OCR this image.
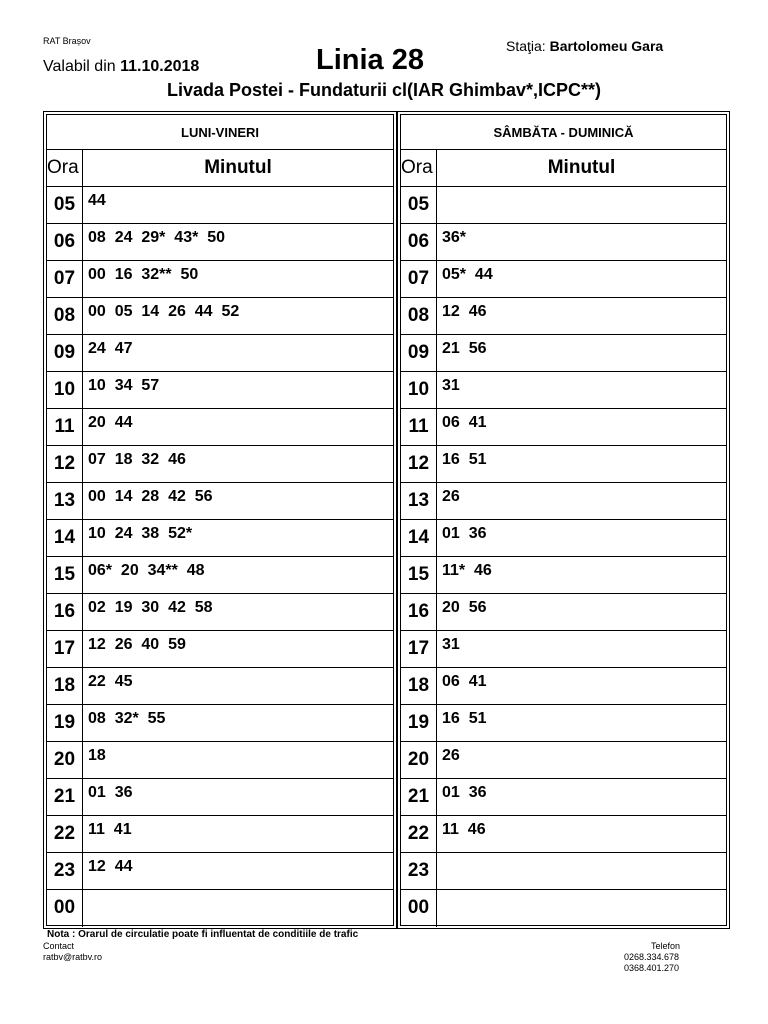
RAT Brașov
Valabil din 11.10.2018	Linia 28	Staţia: Bartolomeu Gara
Livada Postei - Fundaturii cl(IAR Ghimbav*,ICPC**)
LUNI-VINERI
Ora	Minutul
05 44
06 08  24  29*  43*  50
07 00  16  32**  50
08 00  05  14  26  44  52
09 24  47
10 10  34  57
11 20  44
12 07  18  32  46
13 00  14  28  42  56
14 10  24  38  52*
15 06*  20  34**  48
16 02  19  30  42  58
17 12  26  40  59
18 22  45
19 08  32*  55
20 18
21 01  36
22 11  41
23 12  44
00
SÂMBĂTA - DUMINICĂ
Ora	Minutul
05
06 36*
07 05*  44
08 12  46
09 21  56
10 31
11 06  41
12 16  51
13 26
14 01  36
15 11*  46
16 20  56
17 31
18 06  41
19 16  51
20 26
21 01  36
22 11  46
23
00
Nota : Orarul de circulatie poate fi influentat de conditiile de trafic
Contact
ratbv@ratbv.ro
Telefon
0268.334.678
0368.401.270
